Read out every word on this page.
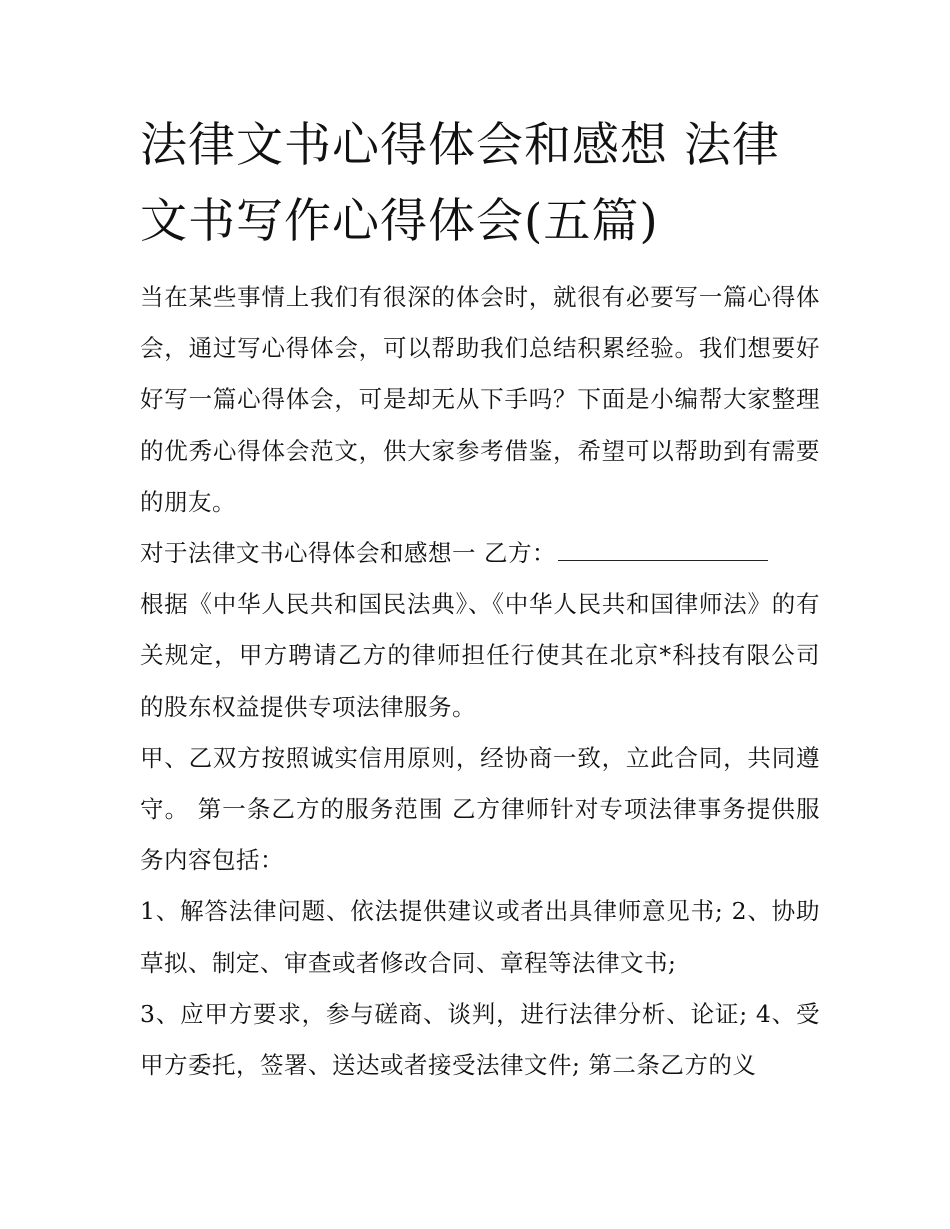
法律文书心得体会和感想 法律文书写作心得体会(五篇)

当在某些事情上我们有很深的体会时，就很有必要写一篇心得体会，通过写心得体会，可以帮助我们总结积累经验。我们想要好好写一篇心得体会，可是却无从下手吗？下面是小编帮大家整理的优秀心得体会范文，供大家参考借鉴，希望可以帮助到有需要的朋友。

对于法律文书心得体会和感想一 乙方：

根据《中华人民共和国民法典》、《中华人民共和国律师法》的有关规定，甲方聘请乙方的律师担任行使其在北京*科技有限公司的股东权益提供专项法律服务。

甲、乙双方按照诚实信用原则，经协商一致，立此合同，共同遵守。 第一条乙方的服务范围 乙方律师针对专项法律事务提供服务内容包括：

1、解答法律问题、依法提供建议或者出具律师意见书; 2、协助草拟、制定、审查或者修改合同、章程等法律文书;

3、应甲方要求，参与磋商、谈判，进行法律分析、论证; 4、受甲方委托，签署、送达或者接受法律文件; 第二条乙方的义
